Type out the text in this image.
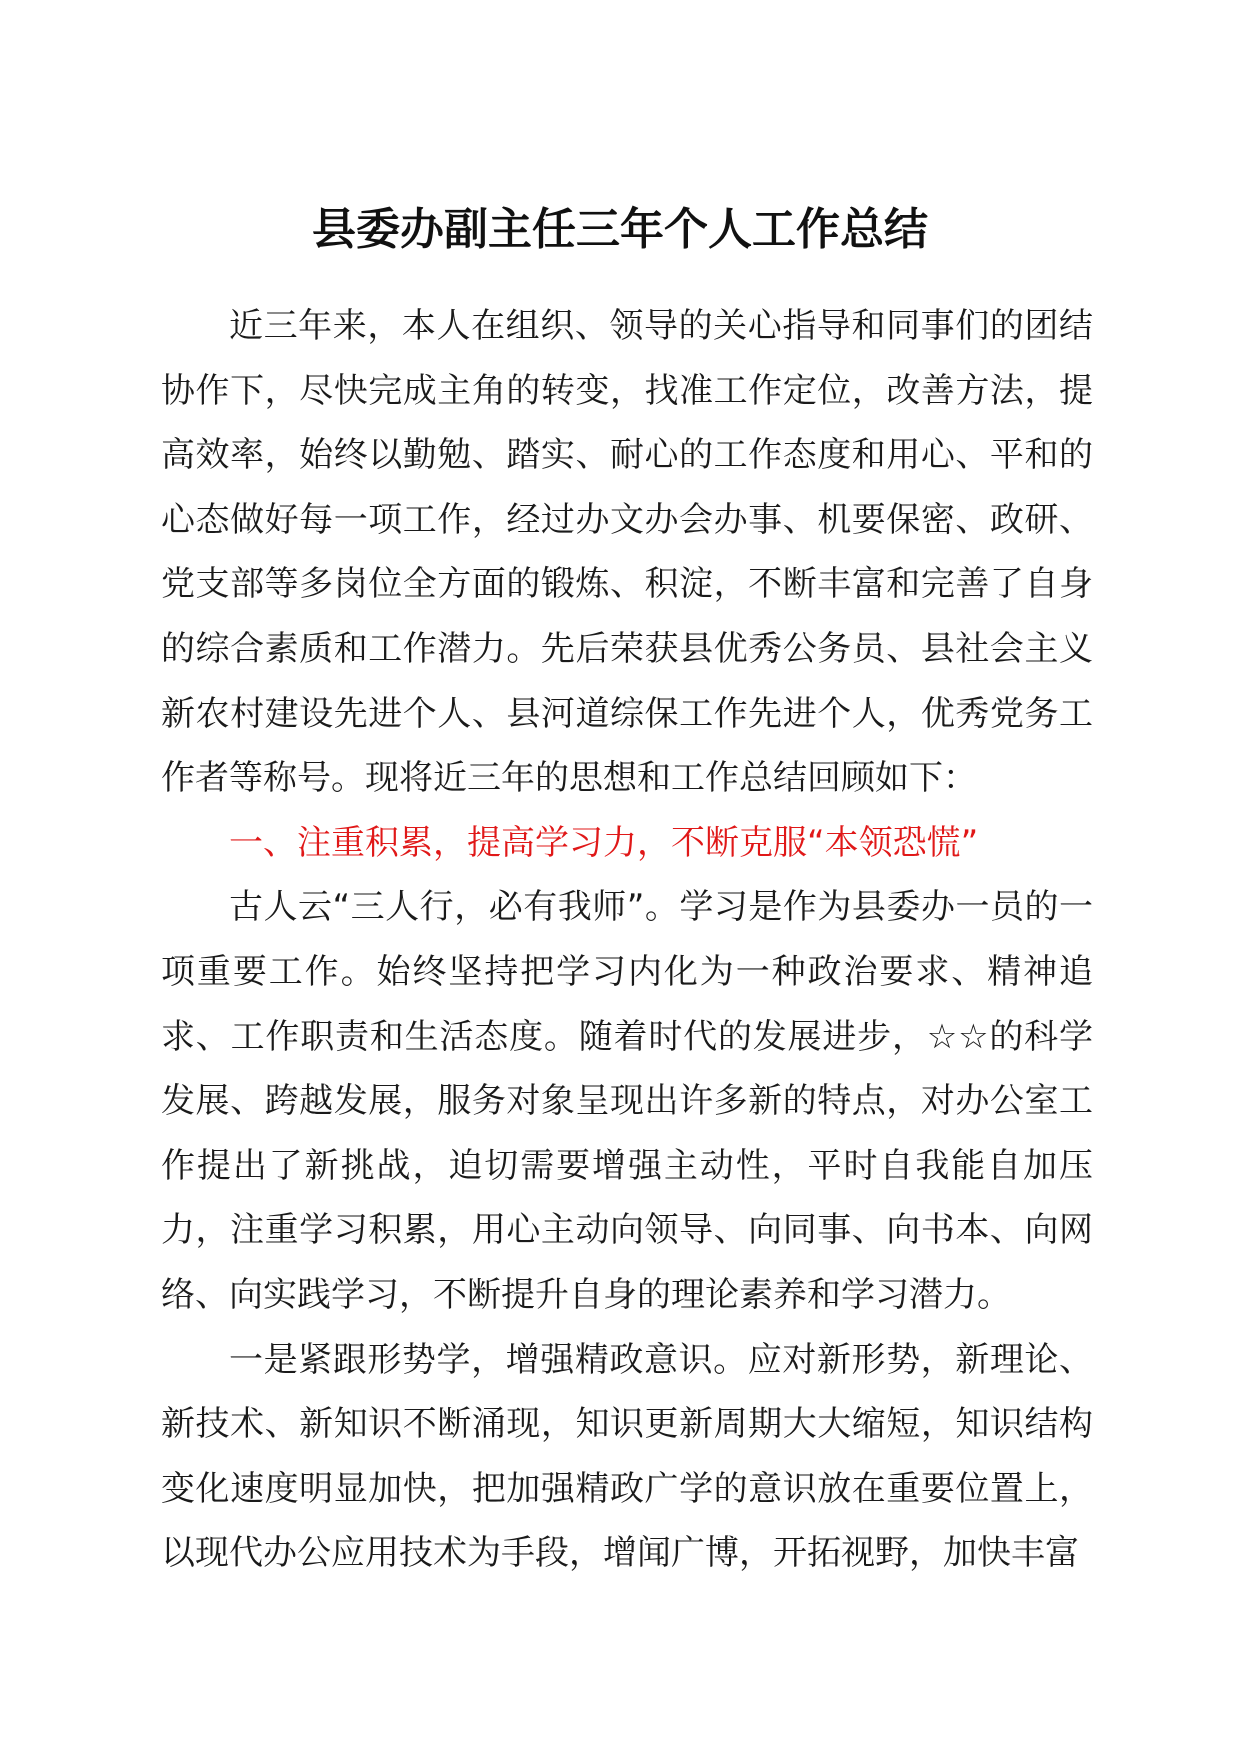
县委办副主任三年个人工作总结

近三年来，本人在组织、领导的关心指导和同事们的团结协作下，尽快完成主角的转变，找准工作定位，改善方法，提高效率，始终以勤勉、踏实、耐心的工作态度和用心、平和的心态做好每一项工作，经过办文办会办事、机要保密、政研、党支部等多岗位全方面的锻炼、积淀，不断丰富和完善了自身的综合素质和工作潜力。先后荣获县优秀公务员、县社会主义新农村建设先进个人、县河道综保工作先进个人，优秀党务工作者等称号。现将近三年的思想和工作总结回顾如下：

一、注重积累，提高学习力，不断克服“本领恐慌”

古人云“三人行，必有我师”。学习是作为县委办一员的一项重要工作。始终坚持把学习内化为一种政治要求、精神追求、工作职责和生活态度。随着时代的发展进步，☆☆的科学发展、跨越发展，服务对象呈现出许多新的特点，对办公室工作提出了新挑战，迫切需要增强主动性，平时自我能自加压力，注重学习积累，用心主动向领导、向同事、向书本、向网络、向实践学习，不断提升自身的理论素养和学习潜力。

一是紧跟形势学，增强精政意识。应对新形势，新理论、新技术、新知识不断涌现，知识更新周期大大缩短，知识结构变化速度明显加快，把加强精政广学的意识放在重要位置上，以现代办公应用技术为手段，增闻广博，开拓视野，加快丰富
